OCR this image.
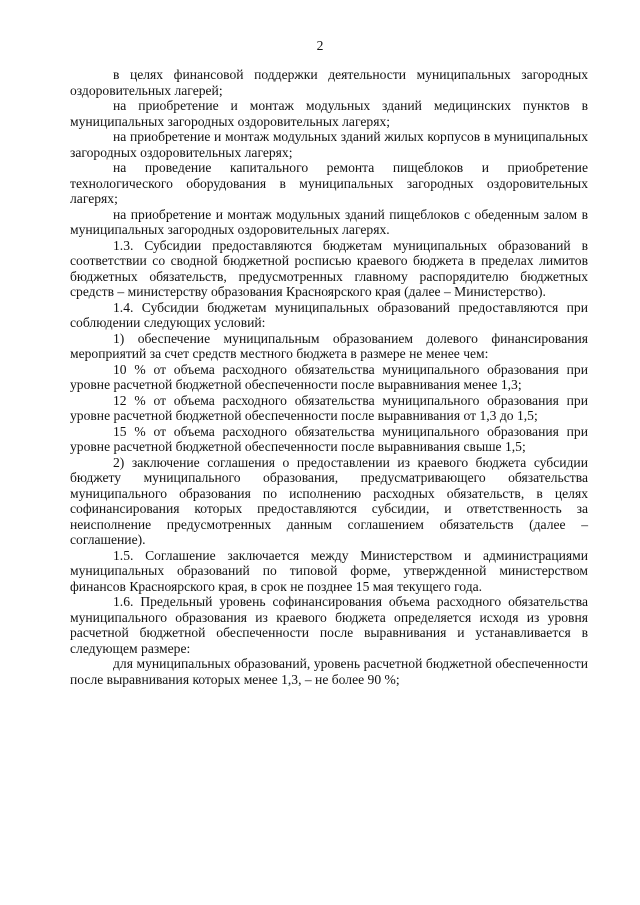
2

в целях финансовой поддержки деятельности муниципальных загородных оздоровительных лагерей;

на приобретение и монтаж модульных зданий медицинских пунктов в муниципальных загородных оздоровительных лагерях;

на приобретение и монтаж модульных зданий жилых корпусов в муниципальных загородных оздоровительных лагерях;

на проведение капитального ремонта пищеблоков и приобретение технологического оборудования в муниципальных загородных оздоровительных лагерях;

на приобретение и монтаж модульных зданий пищеблоков с обеденным залом в муниципальных загородных оздоровительных лагерях.

1.3. Субсидии предоставляются бюджетам муниципальных образований в соответствии со сводной бюджетной росписью краевого бюджета в пределах лимитов бюджетных обязательств, предусмотренных главному распорядителю бюджетных средств – министерству образования Красноярского края (далее – Министерство).

1.4. Субсидии бюджетам муниципальных образований предоставляются при соблюдении следующих условий:

1) обеспечение муниципальным образованием долевого финансирования мероприятий за счет средств местного бюджета в размере не менее чем:

10 % от объема расходного обязательства муниципального образования при уровне расчетной бюджетной обеспеченности после выравнивания менее 1,3;

12 % от объема расходного обязательства муниципального образования при уровне расчетной бюджетной обеспеченности после выравнивания от 1,3 до 1,5;

15 % от объема расходного обязательства муниципального образования при уровне расчетной бюджетной обеспеченности после выравнивания свыше 1,5;

2) заключение соглашения о предоставлении из краевого бюджета субсидии бюджету муниципального образования, предусматривающего обязательства муниципального образования по исполнению расходных обязательств, в целях софинансирования которых предоставляются субсидии, и ответственность за неисполнение предусмотренных данным соглашением обязательств (далее – соглашение).

1.5. Соглашение заключается между Министерством и администрациями муниципальных образований по типовой форме, утвержденной министерством финансов Красноярского края, в срок не позднее 15 мая текущего года.

1.6. Предельный уровень софинансирования объема расходного обязательства муниципального образования из краевого бюджета определяется исходя из уровня расчетной бюджетной обеспеченности после выравнивания и устанавливается в следующем размере:

для муниципальных образований, уровень расчетной бюджетной обеспеченности после выравнивания которых менее 1,3, – не более 90 %;
